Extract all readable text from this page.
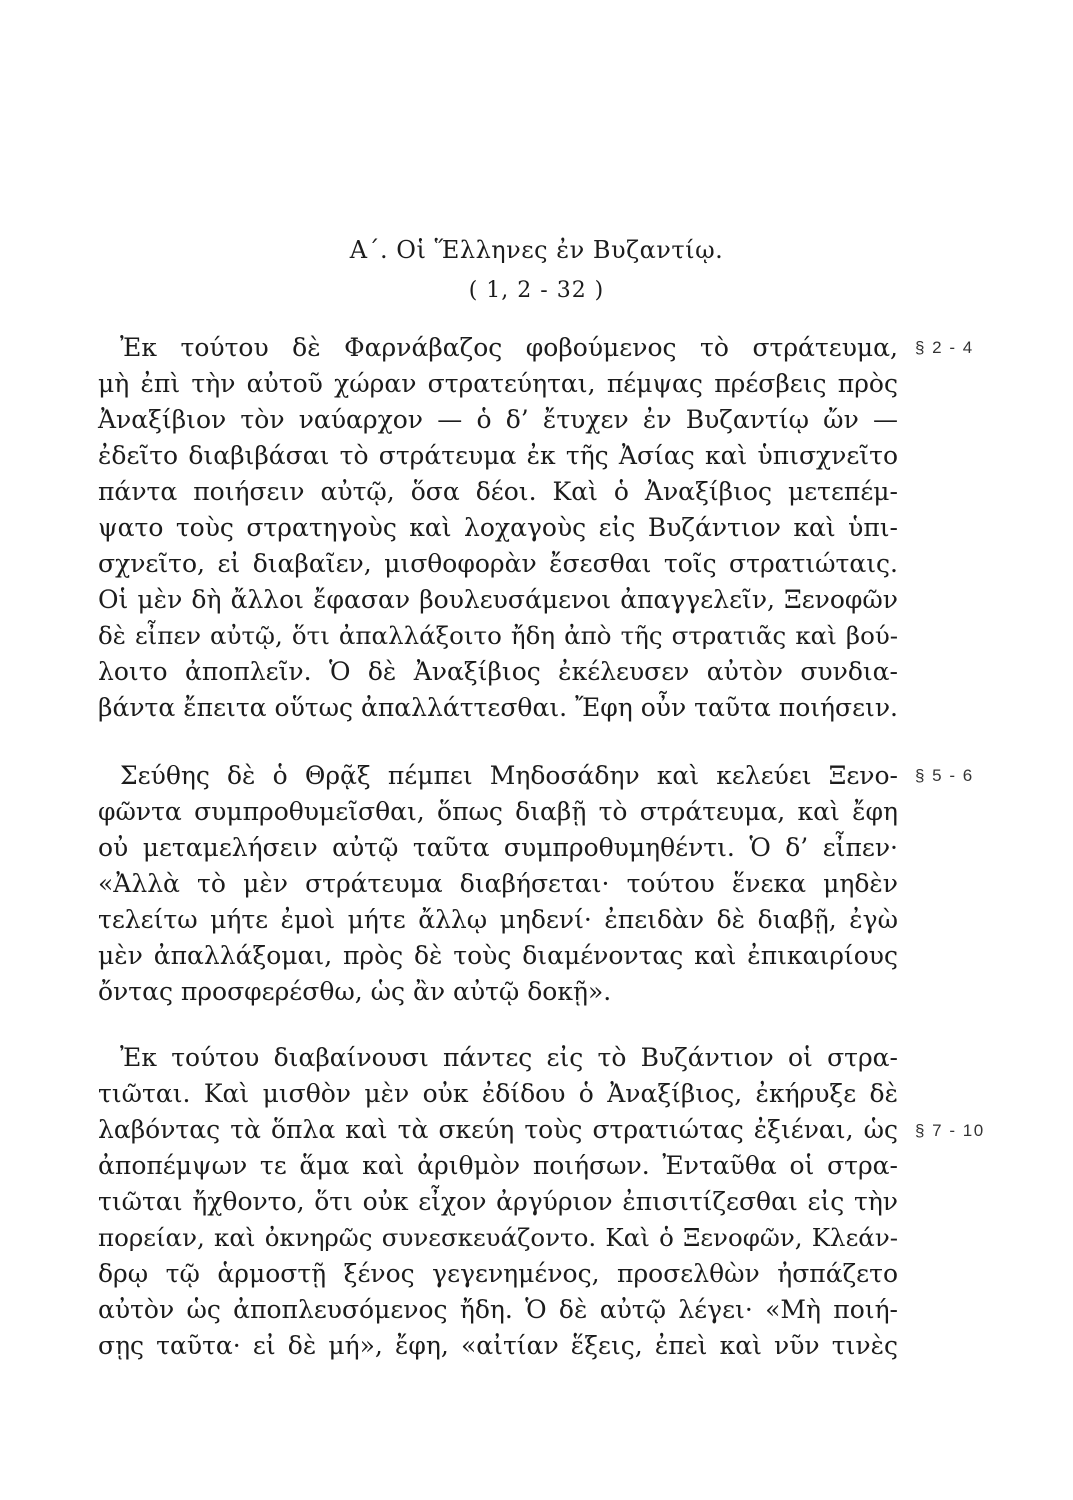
Α΄. Οἱ Ἕλληνες ἐν Βυζαντίῳ.
( 1, 2 - 32 )
§ 2 - 4
§ 5 - 6
§ 7 - 10
Ἐκ τούτου δὲ Φαρνάβαζος φοβούμενος τὸ στράτευμα,
μὴ ἐπὶ τὴν αὐτοῦ χώραν στρατεύηται, πέμψας πρέσβεις πρὸς
Ἀναξίβιον τὸν ναύαρχον — ὁ δ’ ἔτυχεν ἐν Βυζαντίῳ ὤν —
ἐδεῖτο διαβιβάσαι τὸ στράτευμα ἐκ τῆς Ἀσίας καὶ ὑπισχνεῖτο
πάντα ποιήσειν αὐτῷ, ὅσα δέοι. Καὶ ὁ Ἀναξίβιος μετεπέμ-
ψατο τοὺς στρατηγοὺς καὶ λοχαγοὺς εἰς Βυζάντιον καὶ ὑπι-
σχνεῖτο, εἰ διαβαῖεν, μισθοφορὰν ἔσεσθαι τοῖς στρατιώταις.
Οἱ μὲν δὴ ἄλλοι ἔφασαν βουλευσάμενοι ἀπαγγελεῖν, Ξενοφῶν
δὲ εἶπεν αὐτῷ, ὅτι ἀπαλλάξοιτο ἤδη ἀπὸ τῆς στρατιᾶς καὶ βού-
λοιτο ἀποπλεῖν. Ὁ δὲ Ἀναξίβιος ἐκέλευσεν αὐτὸν συνδια-
βάντα ἔπειτα οὕτως ἀπαλλάττεσθαι. Ἔφη οὖν ταῦτα ποιήσειν.
Σεύθης δὲ ὁ Θρᾷξ πέμπει Μηδοσάδην καὶ κελεύει Ξενο-
φῶντα συμπροθυμεῖσθαι, ὅπως διαβῇ τὸ στράτευμα, καὶ ἔφη
οὐ μεταμελήσειν αὐτῷ ταῦτα συμπροθυμηθέντι. Ὁ δ’ εἶπεν·
«Ἀλλὰ τὸ μὲν στράτευμα διαβήσεται· τούτου ἕνεκα μηδὲν
τελείτω μήτε ἐμοὶ μήτε ἄλλῳ μηδενί· ἐπειδὰν δὲ διαβῇ, ἐγὼ
μὲν ἀπαλλάξομαι, πρὸς δὲ τοὺς διαμένοντας καὶ ἐπικαιρίους
ὄντας προσφερέσθω, ὡς ἂν αὐτῷ δοκῇ».
Ἐκ τούτου διαβαίνουσι πάντες εἰς τὸ Βυζάντιον οἱ στρα-
τιῶται. Καὶ μισθὸν μὲν οὐκ ἐδίδου ὁ Ἀναξίβιος, ἐκήρυξε δὲ
λαβόντας τὰ ὅπλα καὶ τὰ σκεύη τοὺς στρατιώτας ἐξιέναι, ὡς
ἀποπέμψων τε ἅμα καὶ ἀριθμὸν ποιήσων. Ἐνταῦθα οἱ στρα-
τιῶται ἤχθοντο, ὅτι οὐκ εἶχον ἀργύριον ἐπισιτίζεσθαι εἰς τὴν
πορείαν, καὶ ὀκνηρῶς συνεσκευάζοντο. Καὶ ὁ Ξενοφῶν, Κλεάν-
δρῳ τῷ ἁρμοστῇ ξένος γεγενημένος, προσελθὼν ἠσπάζετο
αὐτὸν ὡς ἀποπλευσόμενος ἤδη. Ὁ δὲ αὐτῷ λέγει· «Μὴ ποιή-
σῃς ταῦτα· εἰ δὲ μή», ἔφη, «αἰτίαν ἕξεις, ἐπεὶ καὶ νῦν τινὲς
